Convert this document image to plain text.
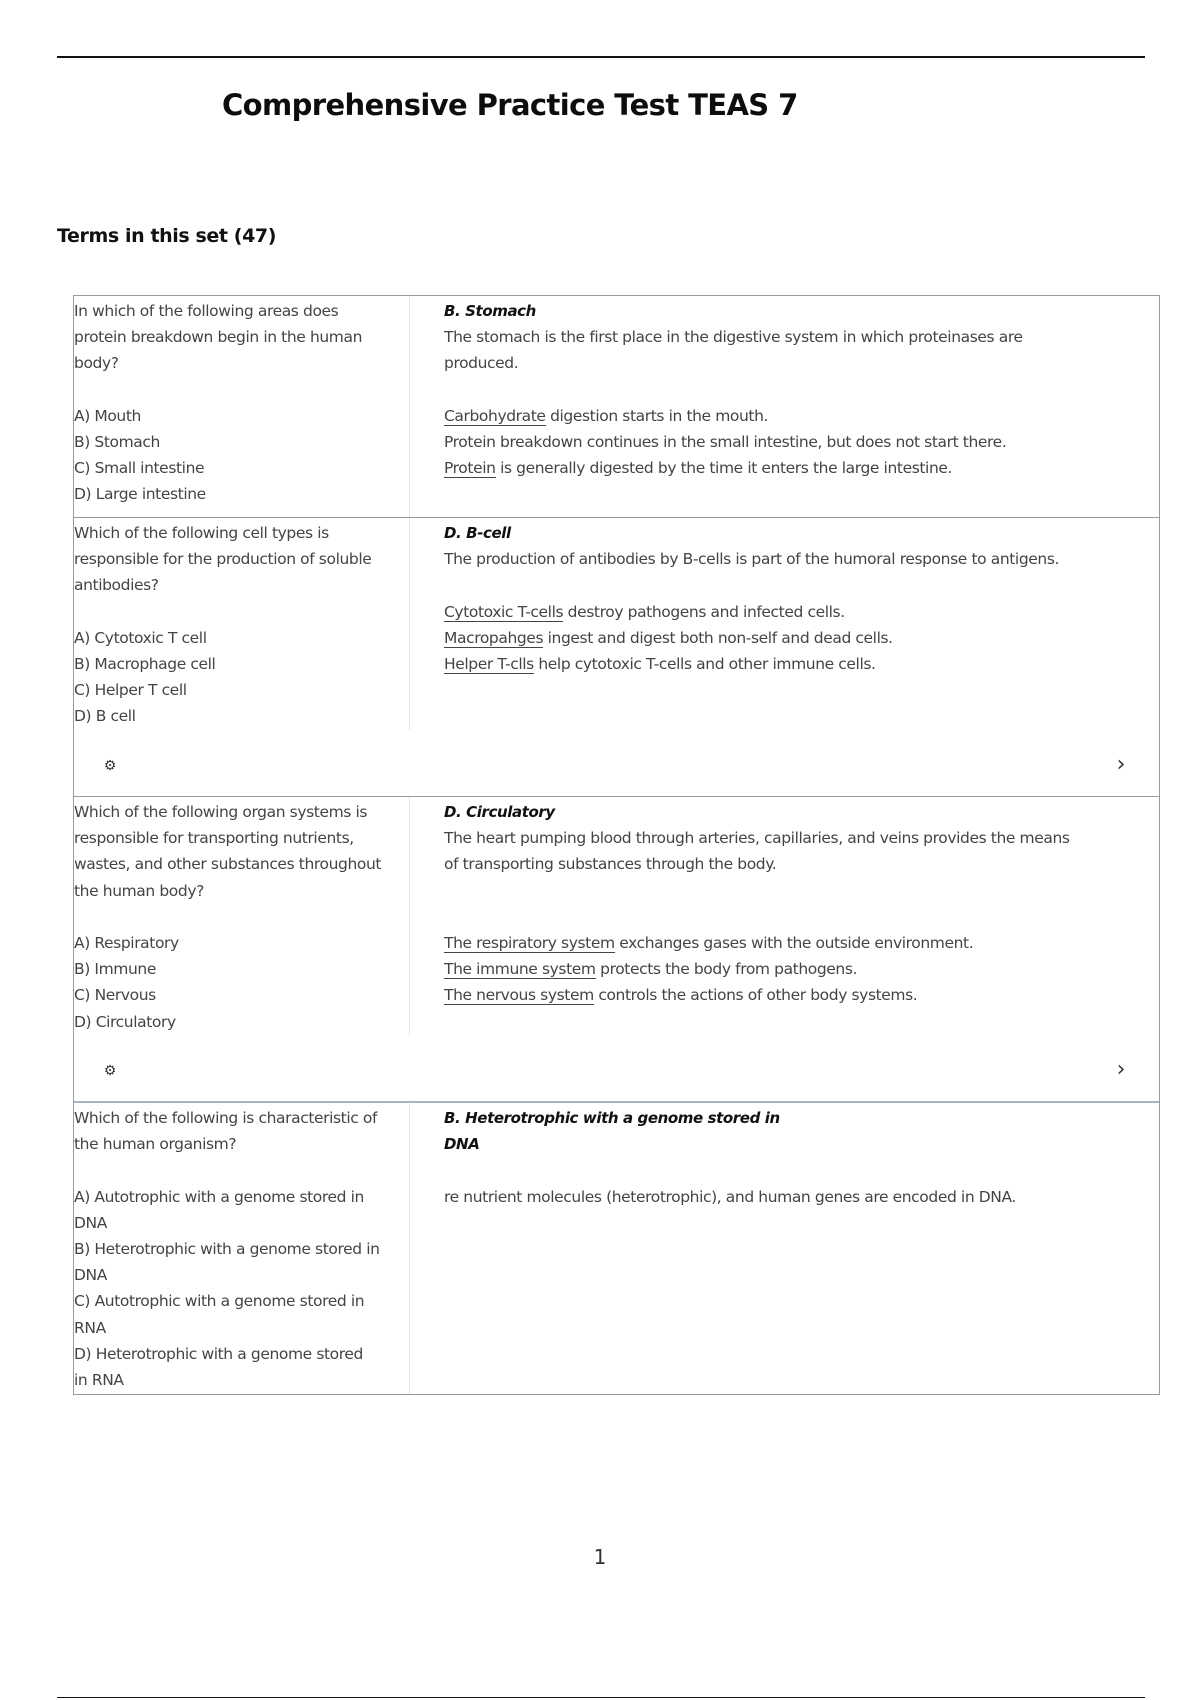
Comprehensive Practice Test TEAS 7
Terms in this set (47)
In which of the following areas does
protein breakdown begin in the human
body?
A) Mouth
B) Stomach
C) Small intestine
D) Large intestine
B. Stomach
The stomach is the first place in the digestive system in which proteinases are
produced.
Carbohydrate digestion starts in the mouth.
Protein breakdown continues in the small intestine, but does not start there.
Protein is generally digested by the time it enters the large intestine.
Which of the following cell types is
responsible for the production of soluble
antibodies?
A) Cytotoxic T cell
B) Macrophage cell
C) Helper T cell
D) B cell
D. B-cell
The production of antibodies by B-cells is part of the humoral response to antigens.
Cytotoxic T-cells destroy pathogens and infected cells.
Macropahges ingest and digest both non-self and dead cells.
Helper T-clls help cytotoxic T-cells and other immune cells.
⚙	›
Which of the following organ systems is
responsible for transporting nutrients,
wastes, and other substances throughout
the human body?
A) Respiratory
B) Immune
C) Nervous
D) Circulatory
D. Circulatory
The heart pumping blood through arteries, capillaries, and veins provides the means
of transporting substances through the body.
The respiratory system exchanges gases with the outside environment.
The immune system protects the body from pathogens.
The nervous system controls the actions of other body systems.
⚙	›
Which of the following is characteristic of
the human organism?
A) Autotrophic with a genome stored in
DNA
B) Heterotrophic with a genome stored in
DNA
C) Autotrophic with a genome stored in
RNA
D) Heterotrophic with a genome stored
in RNA
B. Heterotrophic with a genome stored in
DNA
re nutrient molecules (heterotrophic), and human genes are encoded in DNA.
1
